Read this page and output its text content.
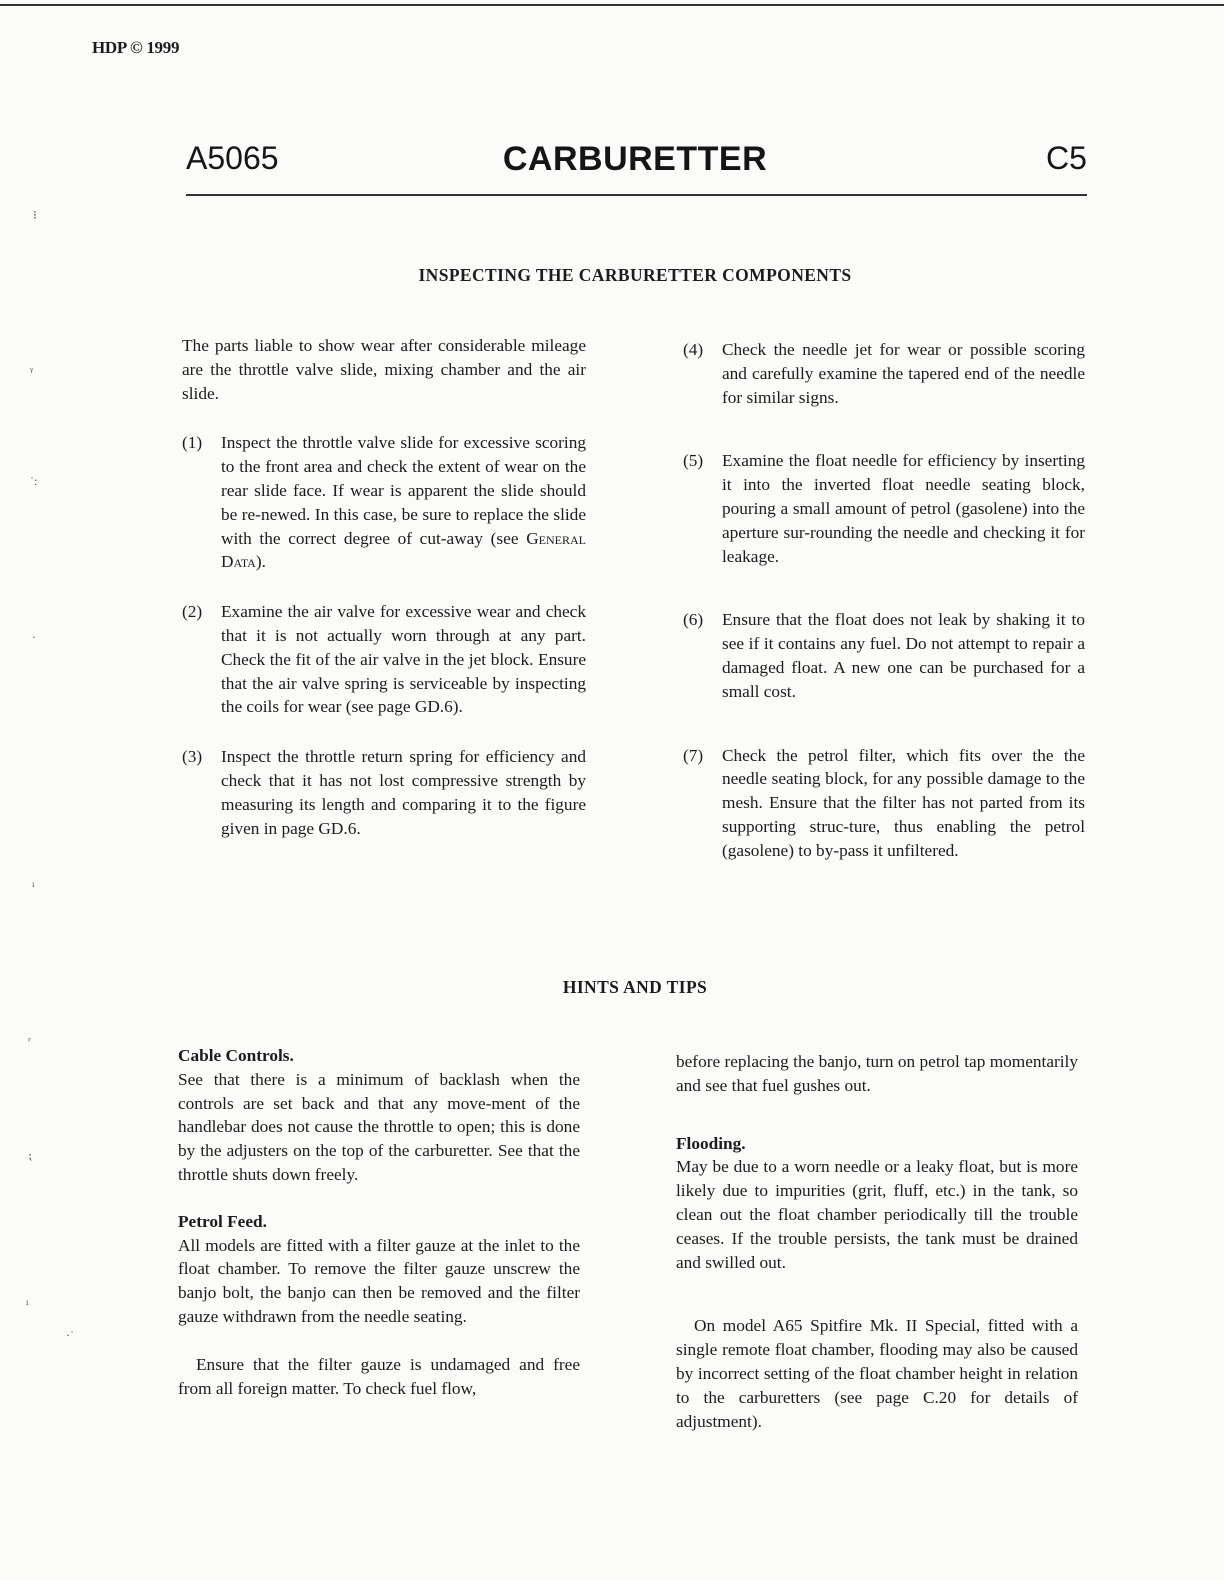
HDP © 1999
A5065	CARBURETTER	C5
INSPECTING THE CARBURETTER COMPONENTS

The parts liable to show wear after considerable mileage are the throttle valve slide, mixing chamber and the air slide.

(1)	Inspect the throttle valve slide for excessive scoring to the front area and check the extent of wear on the rear slide face. If wear is apparent the slide should be re-newed. In this case, be sure to replace the slide with the correct degree of cut-away (see General Data).
(2)	Examine the air valve for excessive wear and check that it is not actually worn through at any part. Check the fit of the air valve in the jet block. Ensure that the air valve spring is serviceable by inspecting the coils for wear (see page GD.6).
(3)	Inspect the throttle return spring for efficiency and check that it has not lost compressive strength by measuring its length and comparing it to the figure given in page GD.6.
(4)	Check the needle jet for wear or possible scoring and carefully examine the tapered end of the needle for similar signs.
(5)	Examine the float needle for efficiency by inserting it into the inverted float needle seating block, pouring a small amount of petrol (gasolene) into the aperture sur-rounding the needle and checking it for leakage.
(6)	Ensure that the float does not leak by shaking it to see if it contains any fuel. Do not attempt to repair a damaged float. A new one can be purchased for a small cost.
(7)	Check the petrol filter, which fits over the the needle seating block, for any possible damage to the mesh. Ensure that the filter has not parted from its supporting struc-ture, thus enabling the petrol (gasolene) to by-pass it unfiltered.
HINTS AND TIPS

Cable Controls.

See that there is a minimum of backlash when the controls are set back and that any move-ment of the handlebar does not cause the throttle to open; this is done by the adjusters on the top of the carburetter. See that the throttle shuts down freely.

Petrol Feed.

All models are fitted with a filter gauze at the inlet to the float chamber. To remove the filter gauze unscrew the banjo bolt, the banjo can then be removed and the filter gauze withdrawn from the needle seating.

Ensure that the filter gauze is undamaged and free from all foreign matter. To check fuel flow,

before replacing the banjo, turn on petrol tap momentarily and see that fuel gushes out.

Flooding.

May be due to a worn needle or a leaky float, but is more likely due to impurities (grit, fluff, etc.) in the tank, so clean out the float chamber periodically till the trouble ceases. If the trouble persists, the tank must be drained and swilled out.

On model A65 Spitfire Mk. II Special, fitted with a single remote float chamber, flooding may also be caused by incorrect setting of the float chamber height in relation to the carburetters (see page C.20 for details of adjustment).

⁝
ᵞ
˙:
·
ⁱ
ʳ
⁏
ⁱ
·˙
